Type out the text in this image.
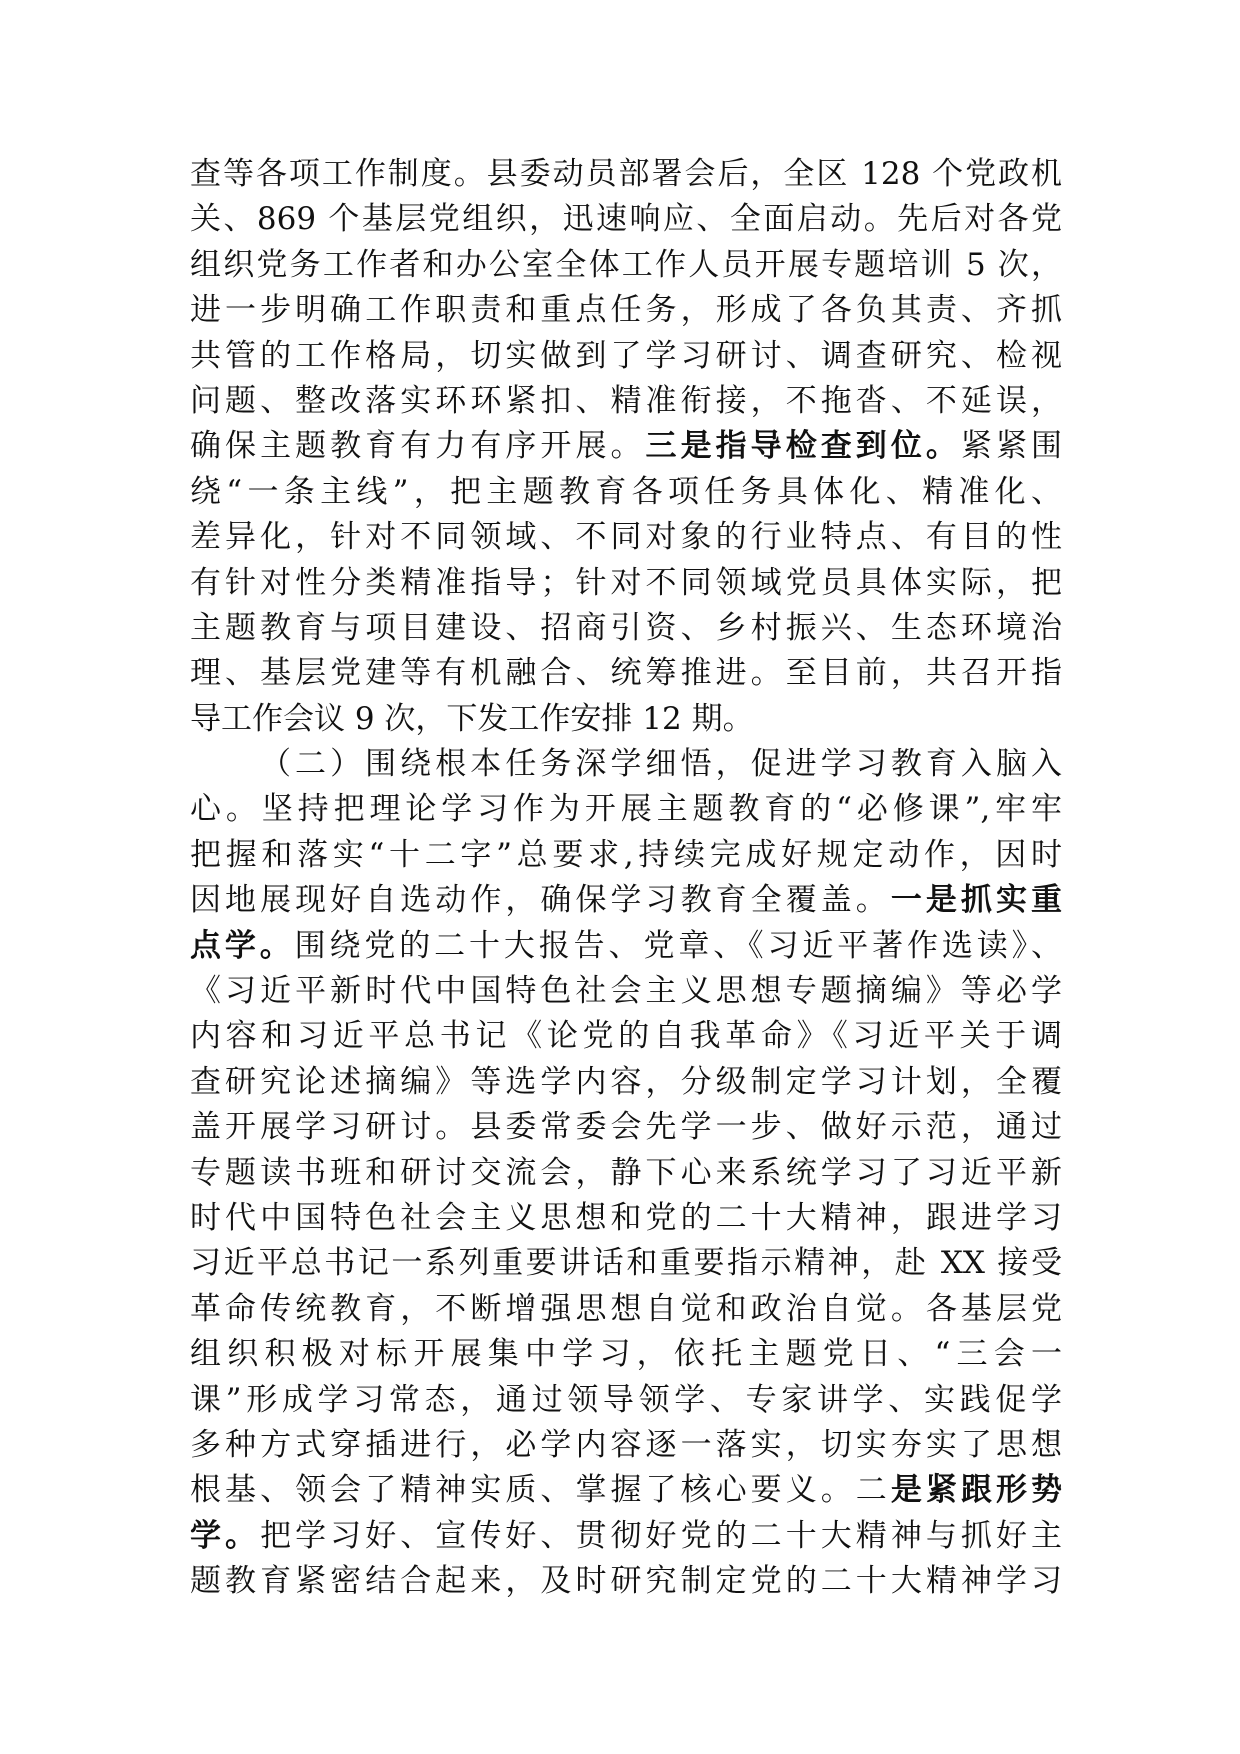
查等各项工作制度。县委动员部署会后，全区 128 个党政机
关、869 个基层党组织，迅速响应、全面启动。先后对各党
组织党务工作者和办公室全体工作人员开展专题培训 5 次，
进一步明确工作职责和重点任务，形成了各负其责、齐抓
共管的工作格局，切实做到了学习研讨、调查研究、检视
问题、整改落实环环紧扣、精准衔接，不拖沓、不延误，
确保主题教育有力有序开展。三是指导检查到位。紧紧围
绕“一条主线”，把主题教育各项任务具体化、精准化、
差异化，针对不同领域、不同对象的行业特点、有目的性
有针对性分类精准指导；针对不同领域党员具体实际，把
主题教育与项目建设、招商引资、乡村振兴、生态环境治
理、基层党建等有机融合、统筹推进。至目前，共召开指
导工作会议 9 次，下发工作安排 12 期。
（二）围绕根本任务深学细悟，促进学习教育入脑入
心。坚持把理论学习作为开展主题教育的“必修课”,牢牢
把握和落实“十二字”总要求,持续完成好规定动作，因时
因地展现好自选动作，确保学习教育全覆盖。一是抓实重
点学。围绕党的二十大报告、党章、《习近平著作选读》、
《习近平新时代中国特色社会主义思想专题摘编》等必学
内容和习近平总书记《论党的自我革命》《习近平关于调
查研究论述摘编》等选学内容，分级制定学习计划，全覆
盖开展学习研讨。县委常委会先学一步、做好示范，通过
专题读书班和研讨交流会，静下心来系统学习了习近平新
时代中国特色社会主义思想和党的二十大精神，跟进学习
习近平总书记一系列重要讲话和重要指示精神，赴 XX 接受
革命传统教育，不断增强思想自觉和政治自觉。各基层党
组织积极对标开展集中学习，依托主题党日、“三会一
课”形成学习常态，通过领导领学、专家讲学、实践促学
多种方式穿插进行，必学内容逐一落实，切实夯实了思想
根基、领会了精神实质、掌握了核心要义。二是紧跟形势
学。把学习好、宣传好、贯彻好党的二十大精神与抓好主
题教育紧密结合起来，及时研究制定党的二十大精神学习
